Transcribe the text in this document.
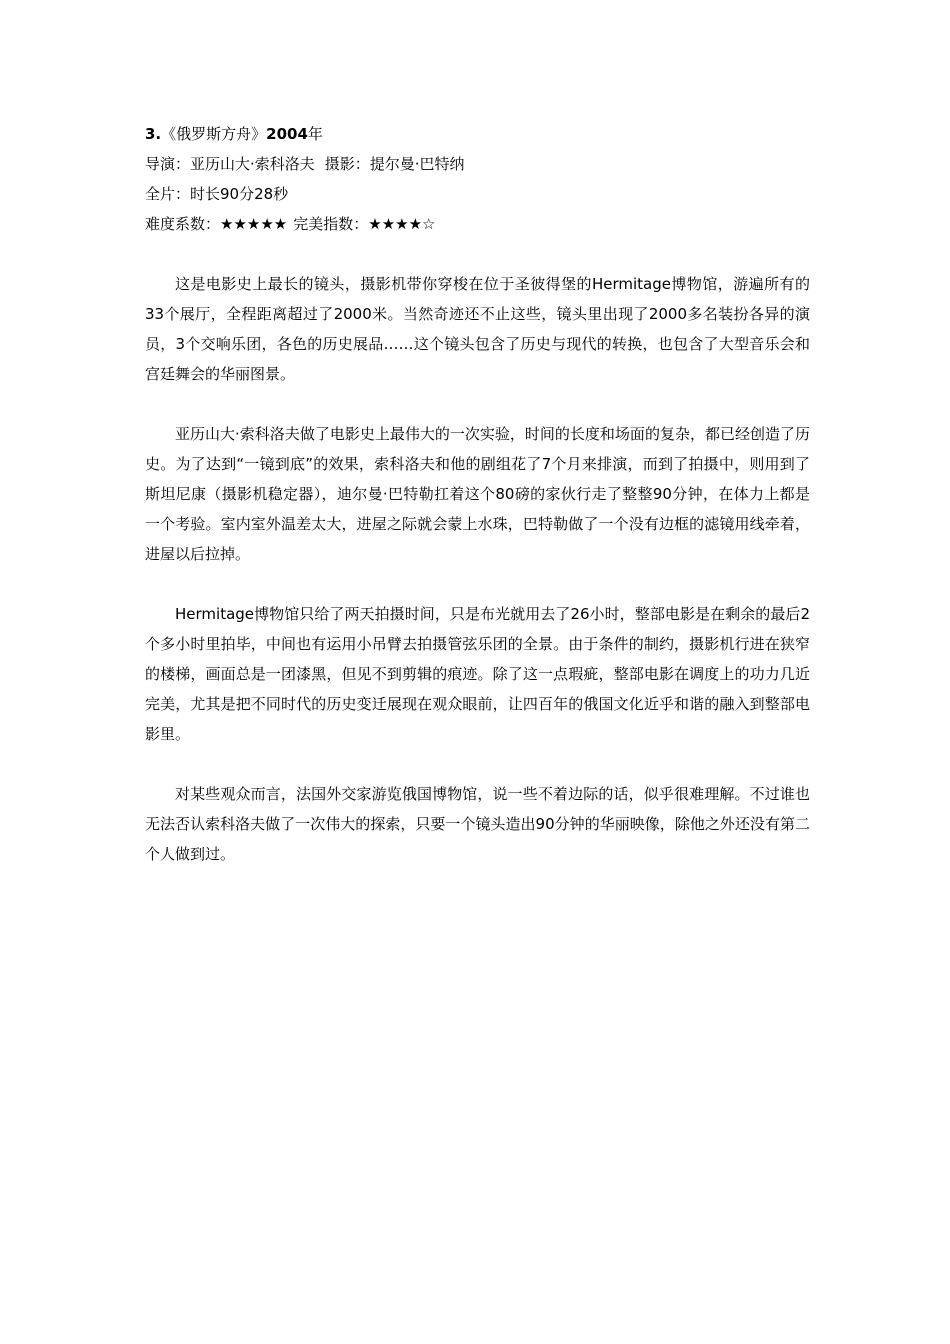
3.《俄罗斯方舟》2004年

导演：亚历山大·索科洛夫 摄影：提尔曼·巴特纳

全片：时长90分28秒

难度系数：★★★★★ 完美指数：★★★★☆

这是电影史上最长的镜头，摄影机带你穿梭在位于圣彼得堡的Hermitage博物馆，游遍所有的33个展厅，全程距离超过了2000米。当然奇迹还不止这些，镜头里出现了2000多名装扮各异的演员，3个交响乐团，各色的历史展品……这个镜头包含了历史与现代的转换，也包含了大型音乐会和宫廷舞会的华丽图景。

亚历山大·索科洛夫做了电影史上最伟大的一次实验，时间的长度和场面的复杂，都已经创造了历史。为了达到“一镜到底”的效果，索科洛夫和他的剧组花了7个月来排演，而到了拍摄中，则用到了斯坦尼康（摄影机稳定器），迪尔曼·巴特勒扛着这个80磅的家伙行走了整整90分钟，在体力上都是一个考验。室内室外温差太大，进屋之际就会蒙上水珠，巴特勒做了一个没有边框的滤镜用线牵着，进屋以后拉掉。

Hermitage博物馆只给了两天拍摄时间，只是布光就用去了26小时，整部电影是在剩余的最后2个多小时里拍毕，中间也有运用小吊臂去拍摄管弦乐团的全景。由于条件的制约，摄影机行进在狭窄的楼梯，画面总是一团漆黑，但见不到剪辑的痕迹。除了这一点瑕疵，整部电影在调度上的功力几近完美，尤其是把不同时代的历史变迁展现在观众眼前，让四百年的俄国文化近乎和谐的融入到整部电影里。

对某些观众而言，法国外交家游览俄国博物馆，说一些不着边际的话，似乎很难理解。不过谁也无法否认索科洛夫做了一次伟大的探索，只要一个镜头造出90分钟的华丽映像，除他之外还没有第二个人做到过。
